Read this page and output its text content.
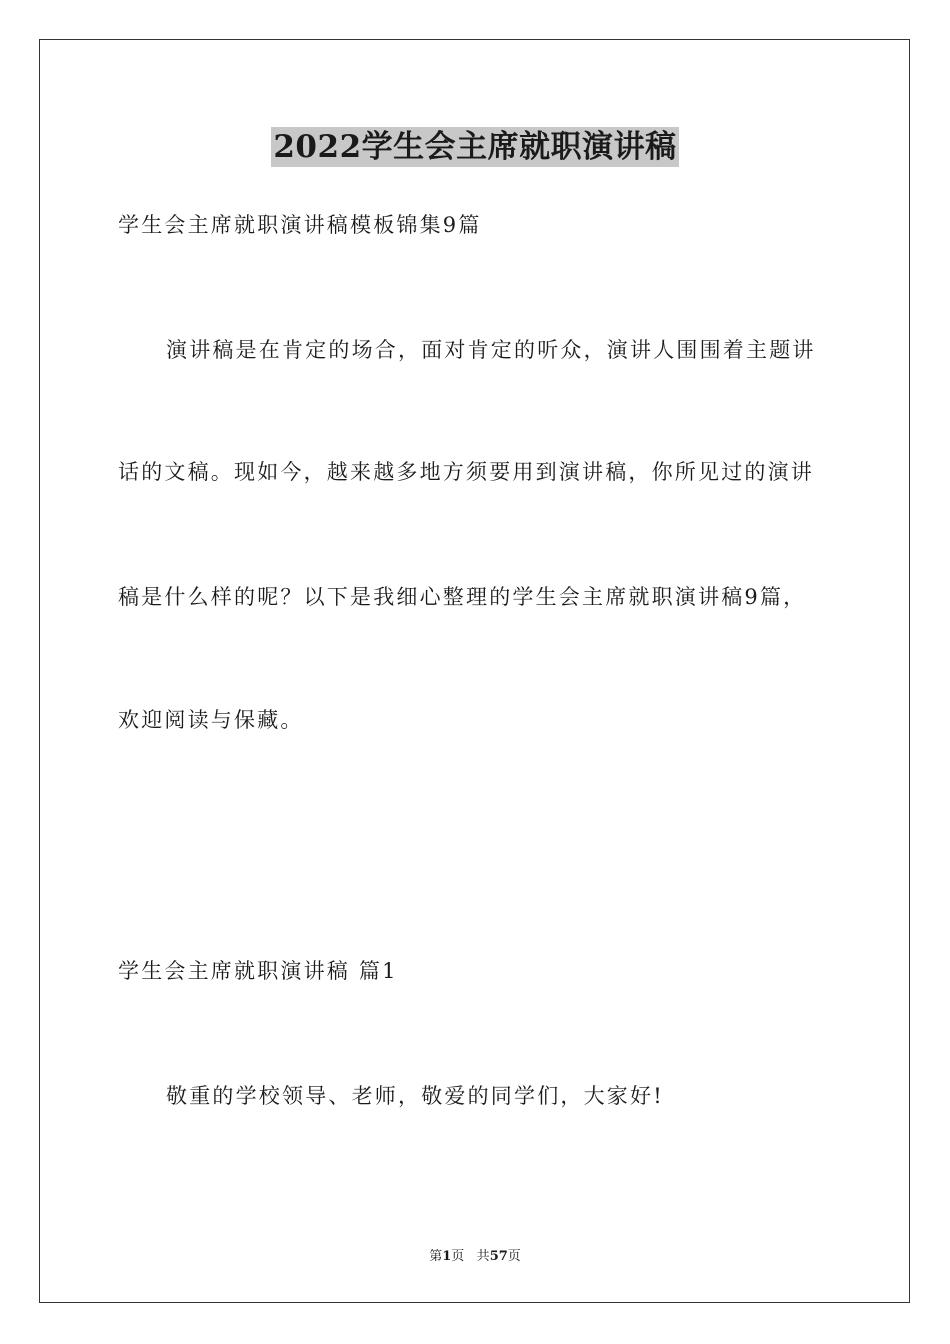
2022学生会主席就职演讲稿
学生会主席就职演讲稿模板锦集9篇
演讲稿是在肯定的场合，面对肯定的听众，演讲人围围着主题讲
话的文稿。现如今，越来越多地方须要用到演讲稿，你所见过的演讲
稿是什么样的呢？以下是我细心整理的学生会主席就职演讲稿9篇，
欢迎阅读与保藏。
学生会主席就职演讲稿 篇1
敬重的学校领导、老师，敬爱的同学们，大家好!
第1页 共57页
